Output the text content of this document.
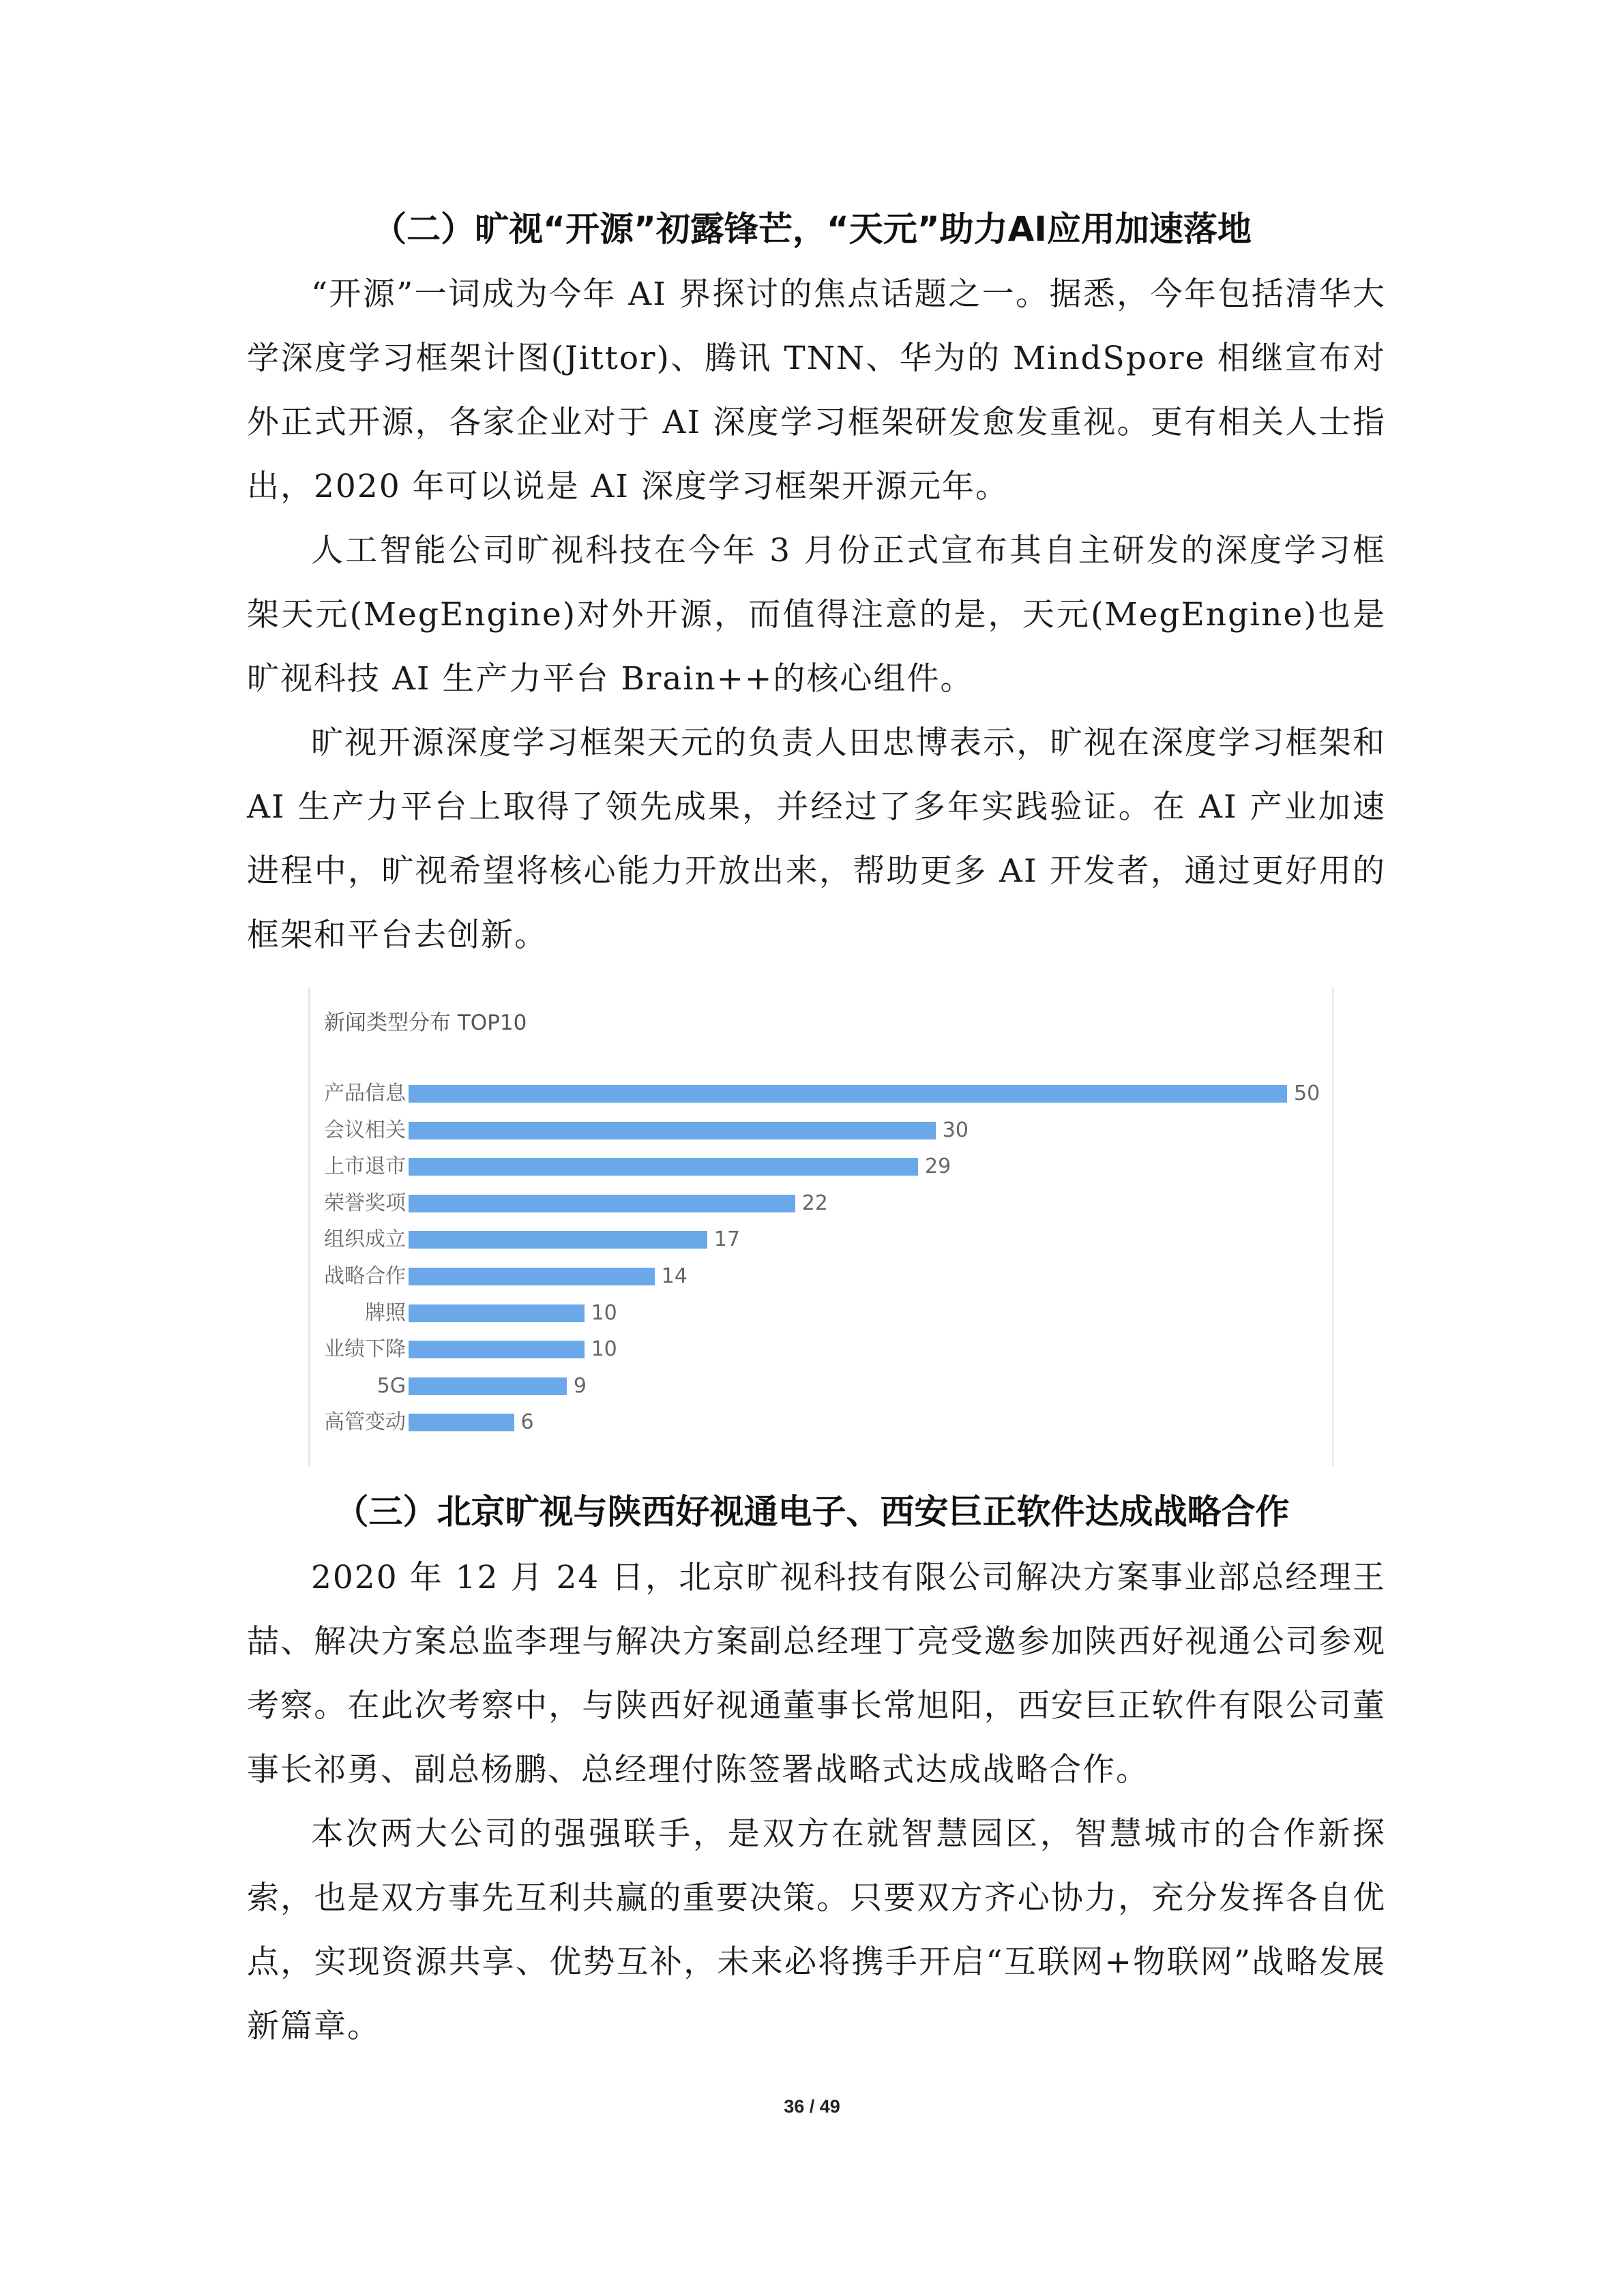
（二）旷视“开源”初露锋芒，“天元”助力AI应用加速落地
“开源”一词成为今年 AI 界探讨的焦点话题之一。据悉，今年包括清华大学深度学习框架计图(Jittor)、腾讯 TNN、华为的 MindSpore 相继宣布对外正式开源，各家企业对于 AI 深度学习框架研发愈发重视。更有相关人士指出，2020 年可以说是 AI 深度学习框架开源元年。
人工智能公司旷视科技在今年 3 月份正式宣布其自主研发的深度学习框架天元(MegEngine)对外开源，而值得注意的是，天元(MegEngine)也是旷视科技 AI 生产力平台 Brain++的核心组件。
旷视开源深度学习框架天元的负责人田忠博表示，旷视在深度学习框架和 AI 生产力平台上取得了领先成果，并经过了多年实践验证。在 AI 产业加速进程中，旷视希望将核心能力开放出来，帮助更多 AI 开发者，通过更好用的框架和平台去创新。
新闻类型分布 TOP10
产品信息	50
会议相关	30
上市退市	29
荣誉奖项	22
组织成立	17
战略合作	14
牌照	10
业绩下降	10
5G	9
高管变动	6
（三）北京旷视与陕西好视通电子、西安巨正软件达成战略合作
2020 年 12 月 24 日，北京旷视科技有限公司解决方案事业部总经理王喆、解决方案总监李理与解决方案副总经理丁亮受邀参加陕西好视通公司参观考察。在此次考察中，与陕西好视通董事长常旭阳，西安巨正软件有限公司董事长祁勇、副总杨鹏、总经理付陈签署战略式达成战略合作。
本次两大公司的强强联手，是双方在就智慧园区，智慧城市的合作新探索，也是双方事先互利共赢的重要决策。只要双方齐心协力，充分发挥各自优点，实现资源共享、优势互补，未来必将携手开启“互联网+物联网”战略发展新篇章。
36 / 49
